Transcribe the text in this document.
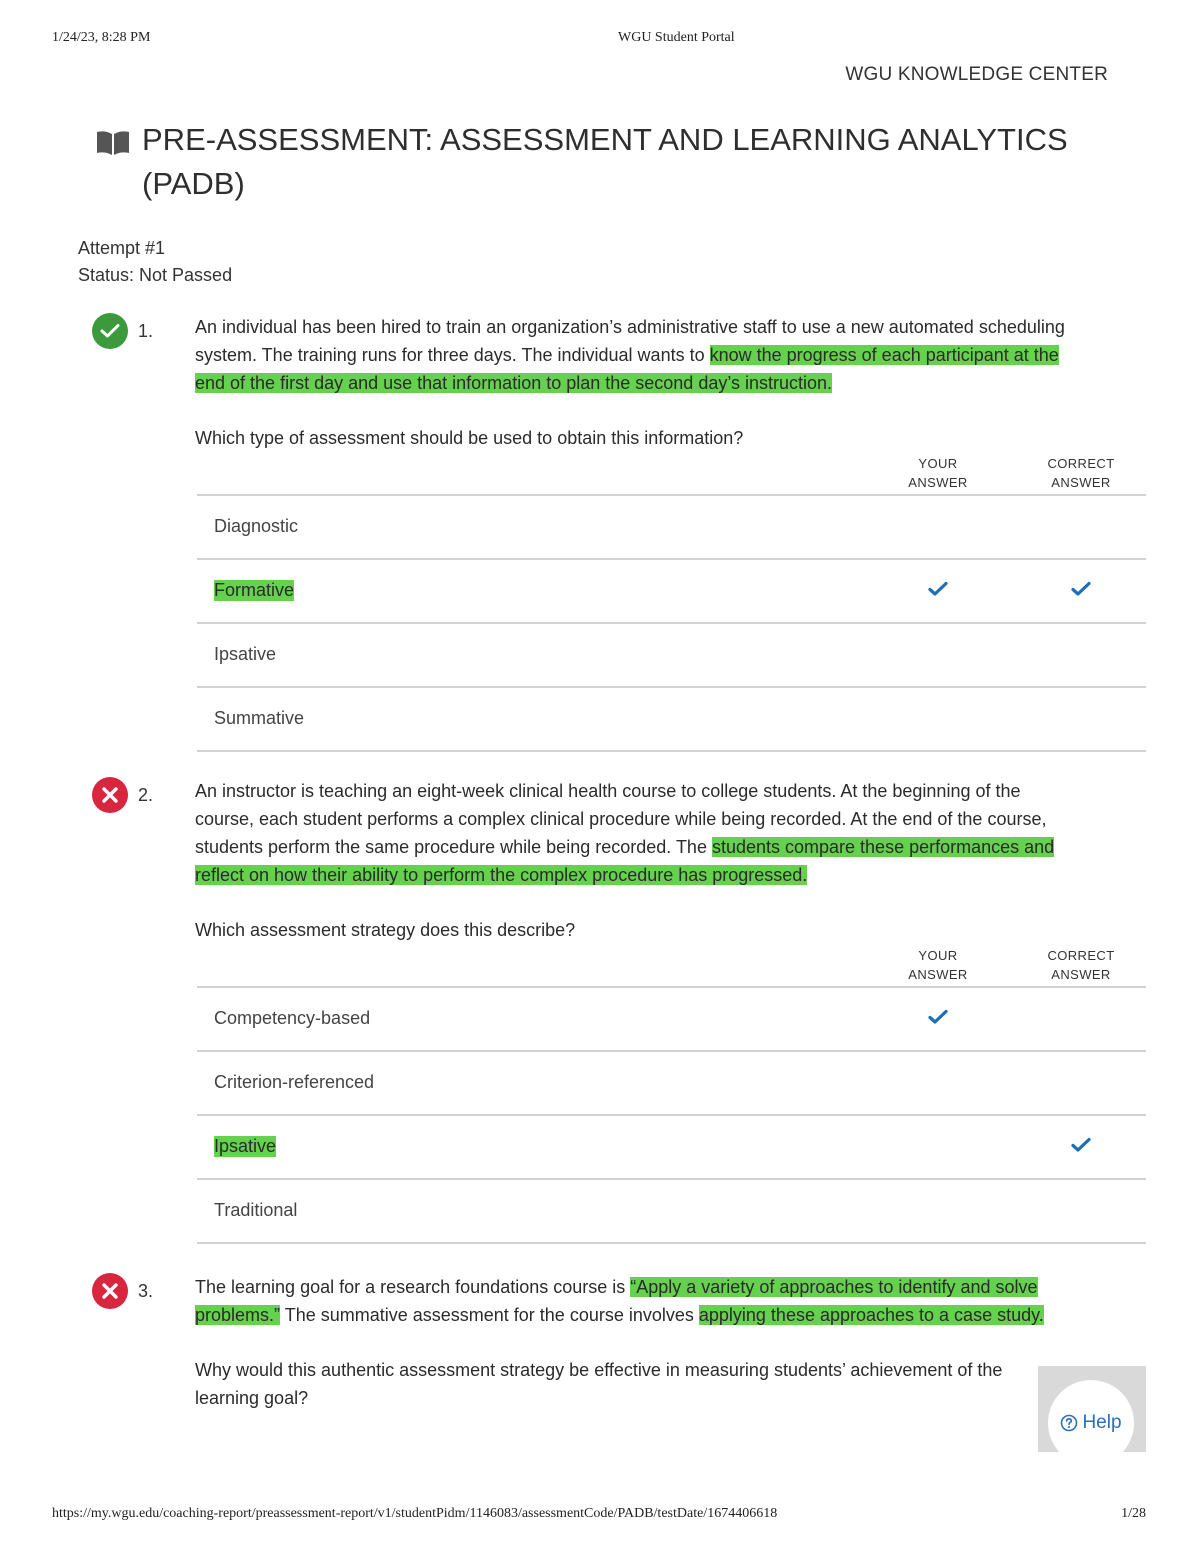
1/24/23, 8:28 PM	WGU Student Portal
WGU KNOWLEDGE CENTER
PRE-ASSESSMENT: ASSESSMENT AND LEARNING ANALYTICS
(PADB)
Attempt #1
Status: Not Passed
1. An individual has been hired to train an organization’s administrative staff to use a new automated scheduling
system. The training runs for three days. The individual wants to know the progress of each participant at the
end of the first day and use that information to plan the second day’s instruction.

Which type of assessment should be used to obtain this information?

YOUR
ANSWER
CORRECT
ANSWER
Diagnostic
Formative
Ipsative
Summative
2. An instructor is teaching an eight-week clinical health course to college students. At the beginning of the
course, each student performs a complex clinical procedure while being recorded. At the end of the course,
students perform the same procedure while being recorded. The students compare these performances and
reflect on how their ability to perform the complex procedure has progressed.

Which assessment strategy does this describe?

YOUR
ANSWER
CORRECT
ANSWER
Competency-based
Criterion-referenced
Ipsative
Traditional
3. The learning goal for a research foundations course is “Apply a variety of approaches to identify and solve
problems.” The summative assessment for the course involves applying these approaches to a case study.

Why would this authentic assessment strategy be effective in measuring students’ achievement of the
learning goal?

Help
https://my.wgu.edu/coaching-report/preassessment-report/v1/studentPidm/1146083/assessmentCode/PADB/testDate/1674406618	1/28
